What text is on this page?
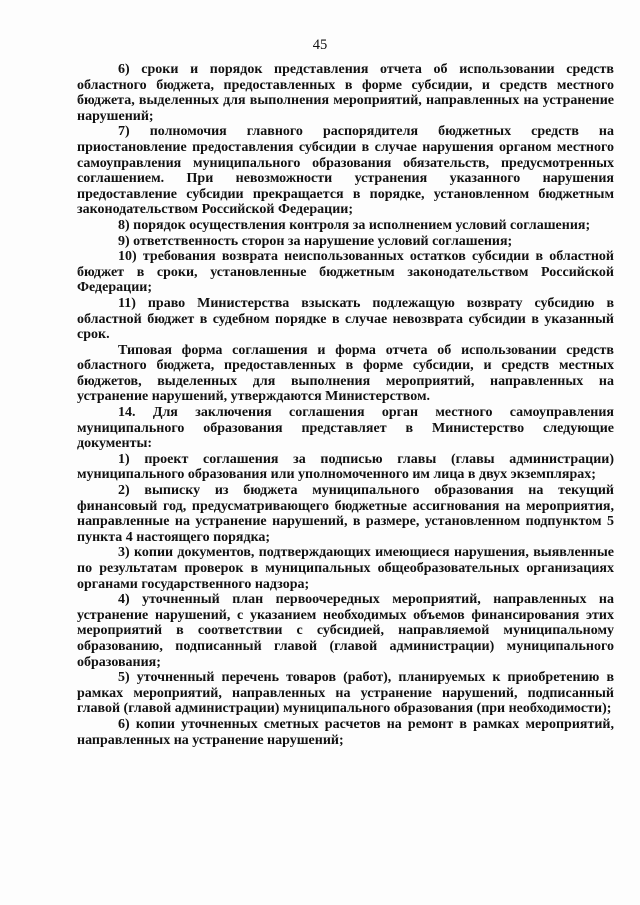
45

6) сроки и порядок представления отчета об использовании средств областного бюджета, предоставленных в форме субсидии, и средств местного бюджета, выделенных для выполнения мероприятий, направленных на устранение нарушений;

7) полномочия главного распорядителя бюджетных средств на приостановление предоставления субсидии в случае нарушения органом местного самоуправления муниципального образования обязательств, предусмотренных соглашением. При невозможности устранения указанного нарушения предоставление субсидии прекращается в порядке, установленном бюджетным законодательством Российской Федерации;

8) порядок осуществления контроля за исполнением условий соглашения;

9) ответственность сторон за нарушение условий соглашения;

10) требования возврата неиспользованных остатков субсидии в областной бюджет в сроки, установленные бюджетным законодательством Российской Федерации;

11) право Министерства взыскать подлежащую возврату субсидию в областной бюджет в судебном порядке в случае невозврата субсидии в указанный срок.

Типовая форма соглашения и форма отчета об использовании средств областного бюджета, предоставленных в форме субсидии, и средств местных бюджетов, выделенных для выполнения мероприятий, направленных на устранение нарушений, утверждаются Министерством.

14. Для заключения соглашения орган местного самоуправления муниципального образования представляет в Министерство следующие документы:

1) проект соглашения за подписью главы (главы администрации) муниципального образования или уполномоченного им лица в двух экземплярах;

2) выписку из бюджета муниципального образования на текущий финансовый год, предусматривающего бюджетные ассигнования на мероприятия, направленные на устранение нарушений, в размере, установленном подпунктом 5 пункта 4 настоящего порядка;

3) копии документов, подтверждающих имеющиеся нарушения, выявленные по результатам проверок в муниципальных общеобразовательных организациях органами государственного надзора;

4) уточненный план первоочередных мероприятий, направленных на устранение нарушений, с указанием необходимых объемов финансирования этих мероприятий в соответствии с субсидией, направляемой муниципальному образованию, подписанный главой (главой администрации) муниципального образования;

5) уточненный перечень товаров (работ), планируемых к приобретению в рамках мероприятий, направленных на устранение нарушений, подписанный главой (главой администрации) муниципального образования (при необходимости);

6) копии уточненных сметных расчетов на ремонт в рамках мероприятий, направленных на устранение нарушений;
